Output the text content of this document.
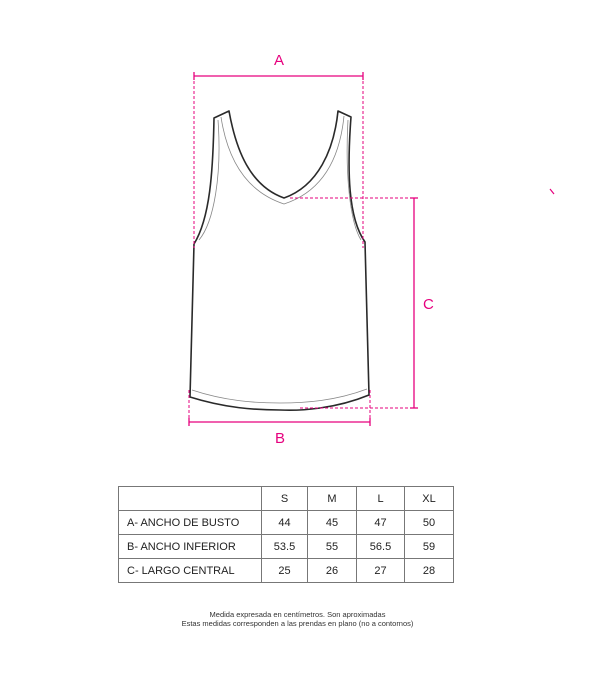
A
B
C
	S	M	L	XL
A- ANCHO DE BUSTO	44	45	47	50
B- ANCHO INFERIOR	53.5	55	56.5	59
C- LARGO CENTRAL	25	26	27	28
Medida expresada en centímetros. Son aproximadas
Estas medidas corresponden a las prendas en plano (no a contornos)
